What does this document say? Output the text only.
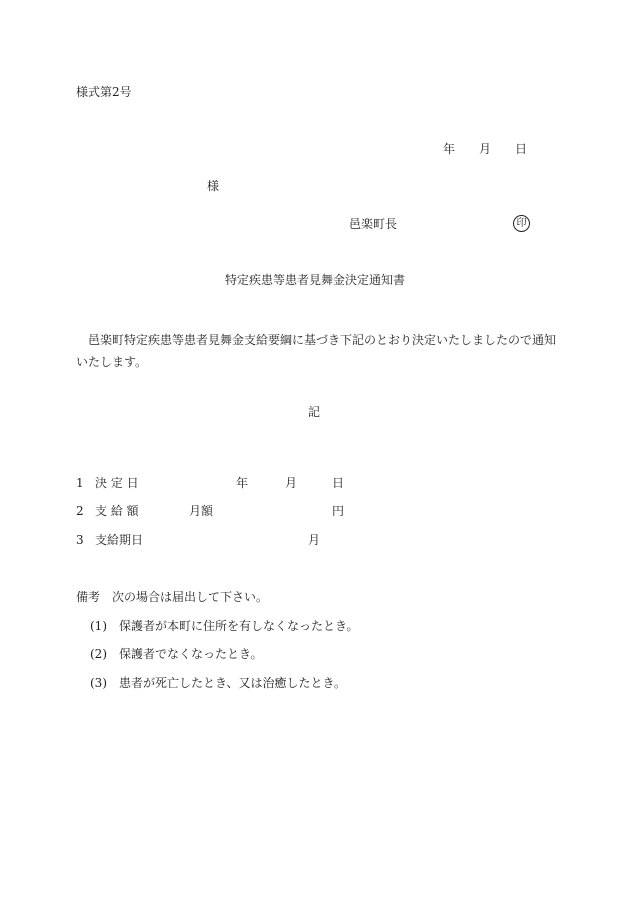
様式第2号
年 月 日
様
邑楽町長	印
特定疾患等患者見舞金決定通知書
邑楽町特定疾患等患者見舞金支給要綱に基づき下記のとおり決定いたしましたので通知いたします。
記
1 決 定 日	年	月	日
2 支 給 額	月額	円
3 支給期日	月
備考　次の場合は届出して下さい。
(1) 保護者が本町に住所を有しなくなったとき。
(2) 保護者でなくなったとき。
(3) 患者が死亡したとき、又は治癒したとき。
